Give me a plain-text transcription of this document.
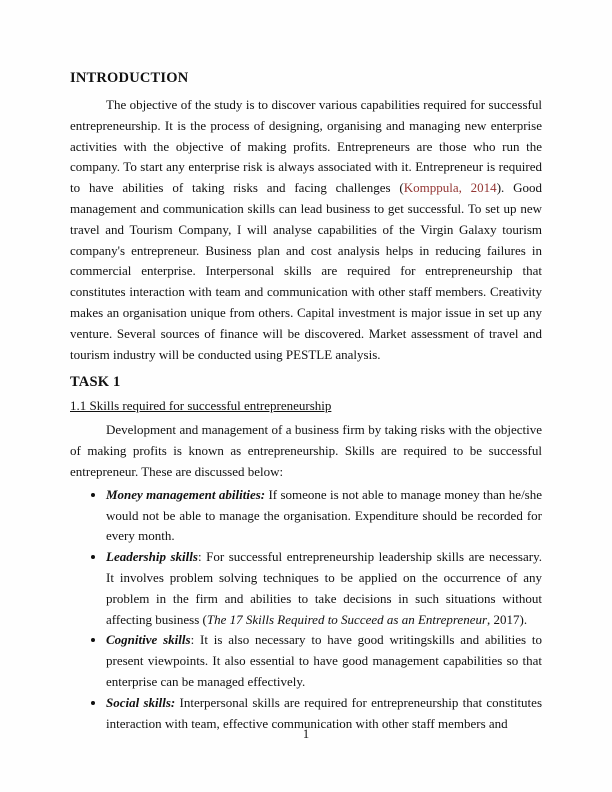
INTRODUCTION

The objective of the study is to discover various capabilities required for successful entrepreneurship. It is the process of designing, organising and managing new enterprise activities with the objective of making profits. Entrepreneurs are those who run the company. To start any enterprise risk is always associated with it. Entrepreneur is required to have abilities of taking risks and facing challenges (Komppula, 2014). Good management and communication skills can lead business to get successful. To set up new travel and Tourism Company, I will analyse capabilities of the Virgin Galaxy tourism company's entrepreneur. Business plan and cost analysis helps in reducing failures in commercial enterprise. Interpersonal skills are required for entrepreneurship that constitutes interaction with team and communication with other staff members. Creativity makes an organisation unique from others. Capital investment is major issue in set up any venture. Several sources of finance will be discovered. Market assessment of travel and tourism industry will be conducted using PESTLE analysis.

TASK 1
1.1 Skills required for successful entrepreneurship

Development and management of a business firm by taking risks with the objective of making profits is known as entrepreneurship. Skills are required to be successful entrepreneur. These are discussed below:

• Money management abilities: If someone is not able to manage money than he/she would not be able to manage the organisation. Expenditure should be recorded for every month.
• Leadership skills: For successful entrepreneurship leadership skills are necessary. It involves problem solving techniques to be applied on the occurrence of any problem in the firm and abilities to take decisions in such situations without affecting business (The 17 Skills Required to Succeed as an Entrepreneur, 2017).
• Cognitive skills: It is also necessary to have good writingskills and abilities to present viewpoints. It also essential to have good management capabilities so that enterprise can be managed effectively.
• Social skills: Interpersonal skills are required for entrepreneurship that constitutes interaction with team, effective communication with other staff members and
1
